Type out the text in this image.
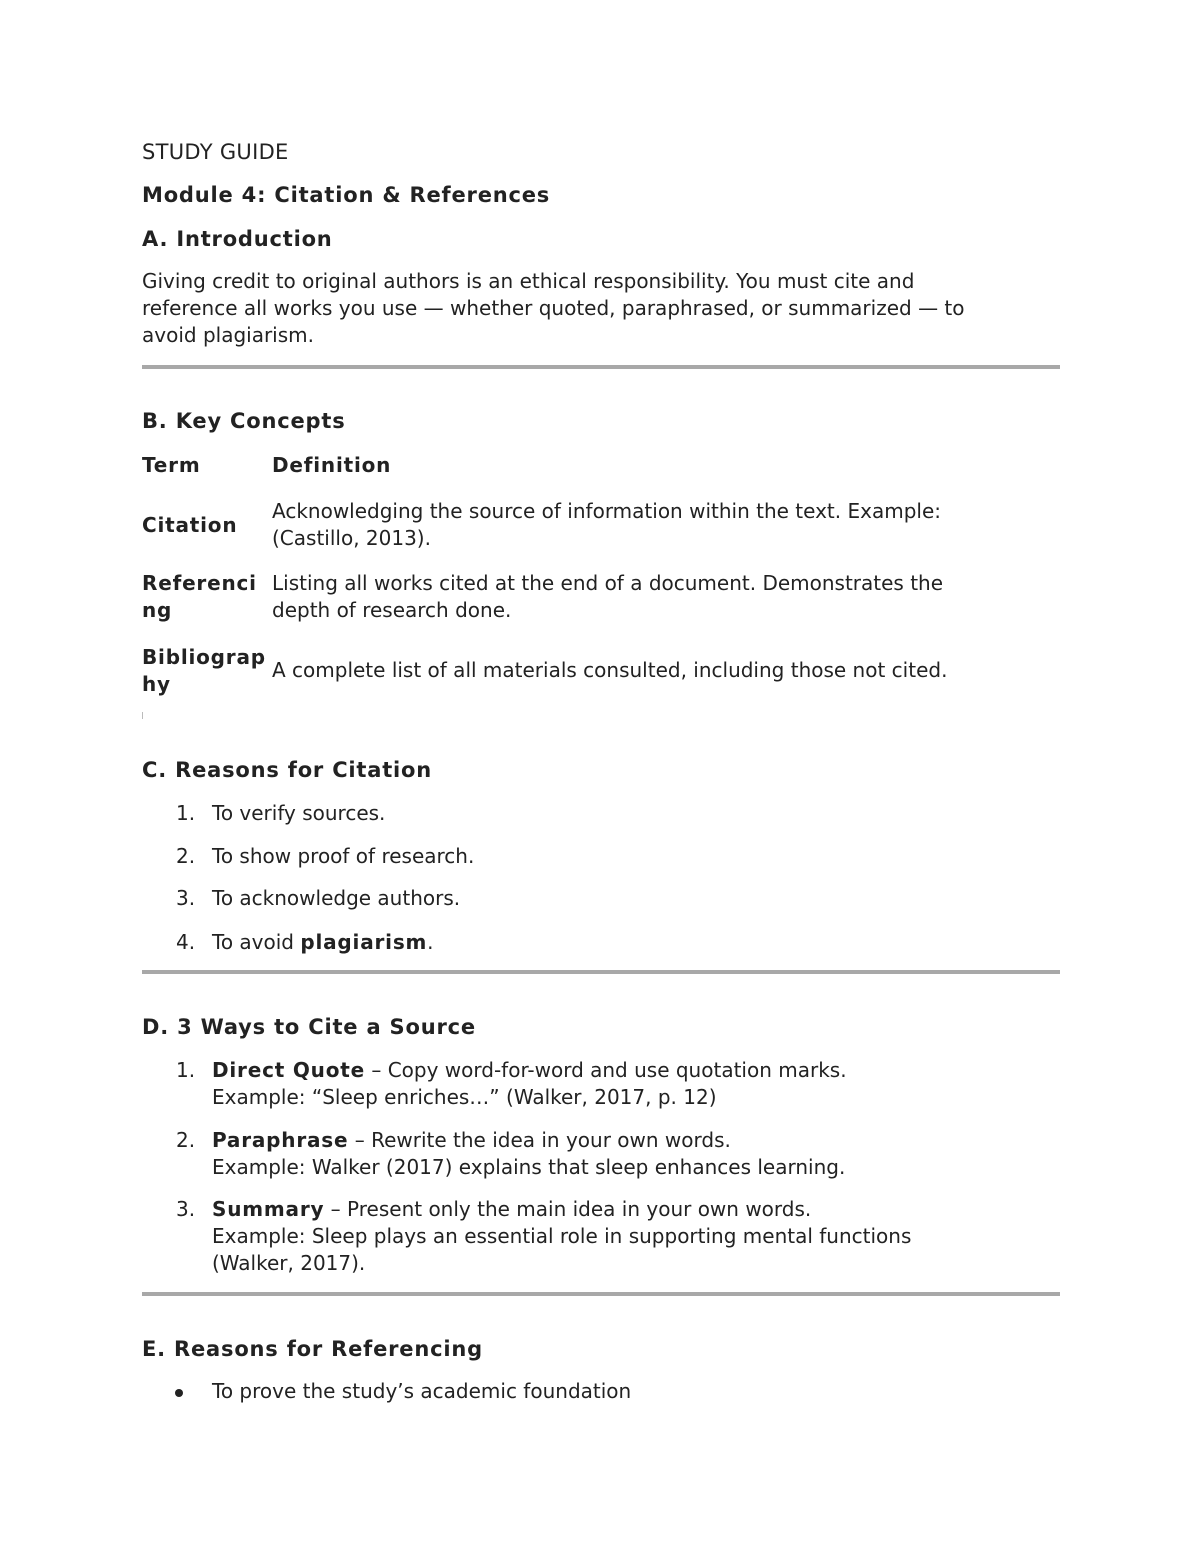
STUDY GUIDE
Module 4: Citation & References
A. Introduction
Giving credit to original authors is an ethical responsibility. You must cite and
reference all works you use — whether quoted, paraphrased, or summarized — to
avoid plagiarism.
B. Key Concepts
Term	Definition
Citation
Acknowledging the source of information within the text. Example:
(Castillo, 2013).
Referenci
ng
Listing all works cited at the end of a document. Demonstrates the
depth of research done.
Bibliograp
hy
A complete list of all materials consulted, including those not cited.
C. Reasons for Citation
1. To verify sources.
2. To show proof of research.
3. To acknowledge authors.
4. To avoid plagiarism.
D. 3 Ways to Cite a Source
1. Direct Quote – Copy word-for-word and use quotation marks.
Example: “Sleep enriches…” (Walker, 2017, p. 12)
2. Paraphrase – Rewrite the idea in your own words.
Example: Walker (2017) explains that sleep enhances learning.
3. Summary – Present only the main idea in your own words.
Example: Sleep plays an essential role in supporting mental functions
(Walker, 2017).
E. Reasons for Referencing
To prove the study’s academic foundation
